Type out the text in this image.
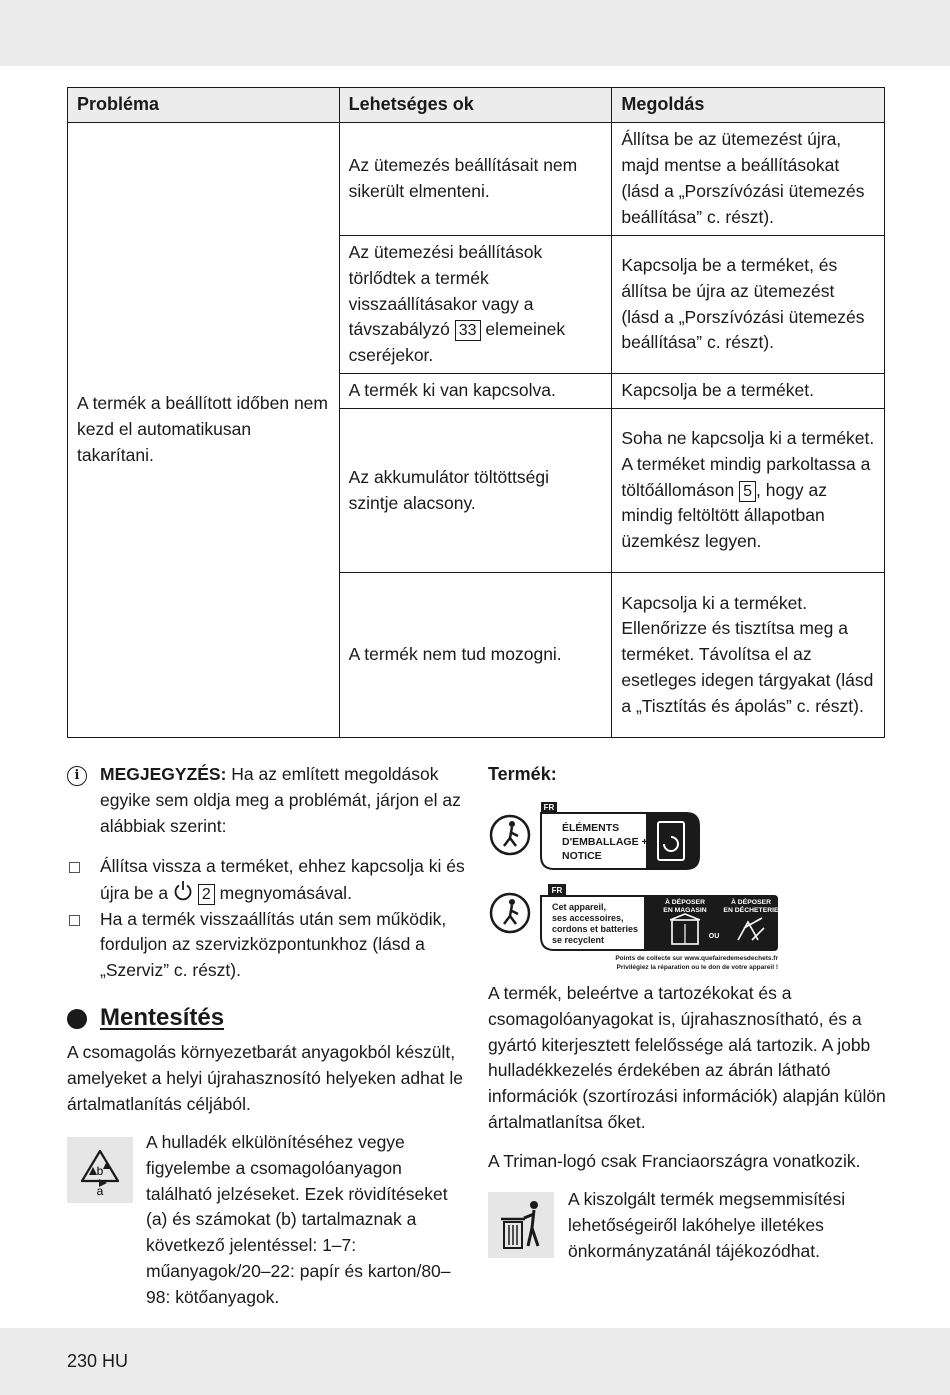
Probléma	Lehetséges ok	Megoldás
A termék a beállított időben nem kezd el automatikusan takarítani.	Az ütemezés beállításait nem sikerült elmenteni.	Állítsa be az ütemezést újra, majd mentse a beállításokat (lásd a „Porszívózási ütemezés beállítása” c. részt).
	Az ütemezési beállítások törlődtek a termék visszaállításakor vagy a távszabályzó 33 elemeinek cseréjekor.	Kapcsolja be a terméket, és állítsa be újra az ütemezést (lásd a „Porszívózási ütemezés beállítása” c. részt).
	A termék ki van kapcsolva.	Kapcsolja be a terméket.
	Az akkumulátor töltöttségi szintje alacsony.	Soha ne kapcsolja ki a terméket. A terméket mindig parkoltassa a töltőállomáson 5 , hogy az mindig feltöltött állapotban üzemkész legyen.
	A termék nem tud mozogni.	Kapcsolja ki a terméket. Ellenőrizze és tisztítsa meg a terméket. Távolítsa el az esetleges idegen tárgyakat (lásd a „Tisztítás és ápolás” c. részt).
i	MEGJEGYZÉS: Ha az említett megoldások egyike sem oldja meg a problémát, járjon el az alábbiak szerint:
Állítsa vissza a terméket, ehhez kapcsolja ki és újra be a 2 megnyomásával.
Ha a termék visszaállítás után sem működik, forduljon az szervizközpontunkhoz (lásd a „Szerviz” c. részt).
Mentesítés
A csomagolás környezetbarát anyagokból készült, amelyeket a helyi újrahasznosító helyeken adhat le ártalmatlanítás céljából.
b
a
A hulladék elkülönítéséhez vegye figyelembe a csomagolóanyagon található jelzéseket. Ezek rövidítéseket (a) és számokat (b) tartalmaznak a következő jelentéssel: 1–7: műanyagok/20–22: papír és karton/80–98: kötőanyagok.
Termék:
FR
ÉLÉMENTS
D'EMBALLAGE +
NOTICE
FR
Cet appareil,
ses accessoires,
cordons et batteries
se recyclent
À DÉPOSER
EN MAGASIN
OU
À DÉPOSER
EN DÉCHETERIE
Points de collecte sur www.quefairedemesdechets.fr
Privilégiez la réparation ou le don de votre appareil !
A termék, beleértve a tartozékokat és a csomagolóanyagokat is, újrahasznosítható, és a gyártó kiterjesztett felelőssége alá tartozik. A jobb hulladékkezelés érdekében az ábrán látható információk (szortírozási információk) alapján külön ártalmatlanítsa őket.
A Triman-logó csak Franciaországra vonatkozik.
A kiszolgált termék megsemmisítési lehetőségeiről lakóhelye illetékes önkormányzatánál tájékozódhat.
230 HU
